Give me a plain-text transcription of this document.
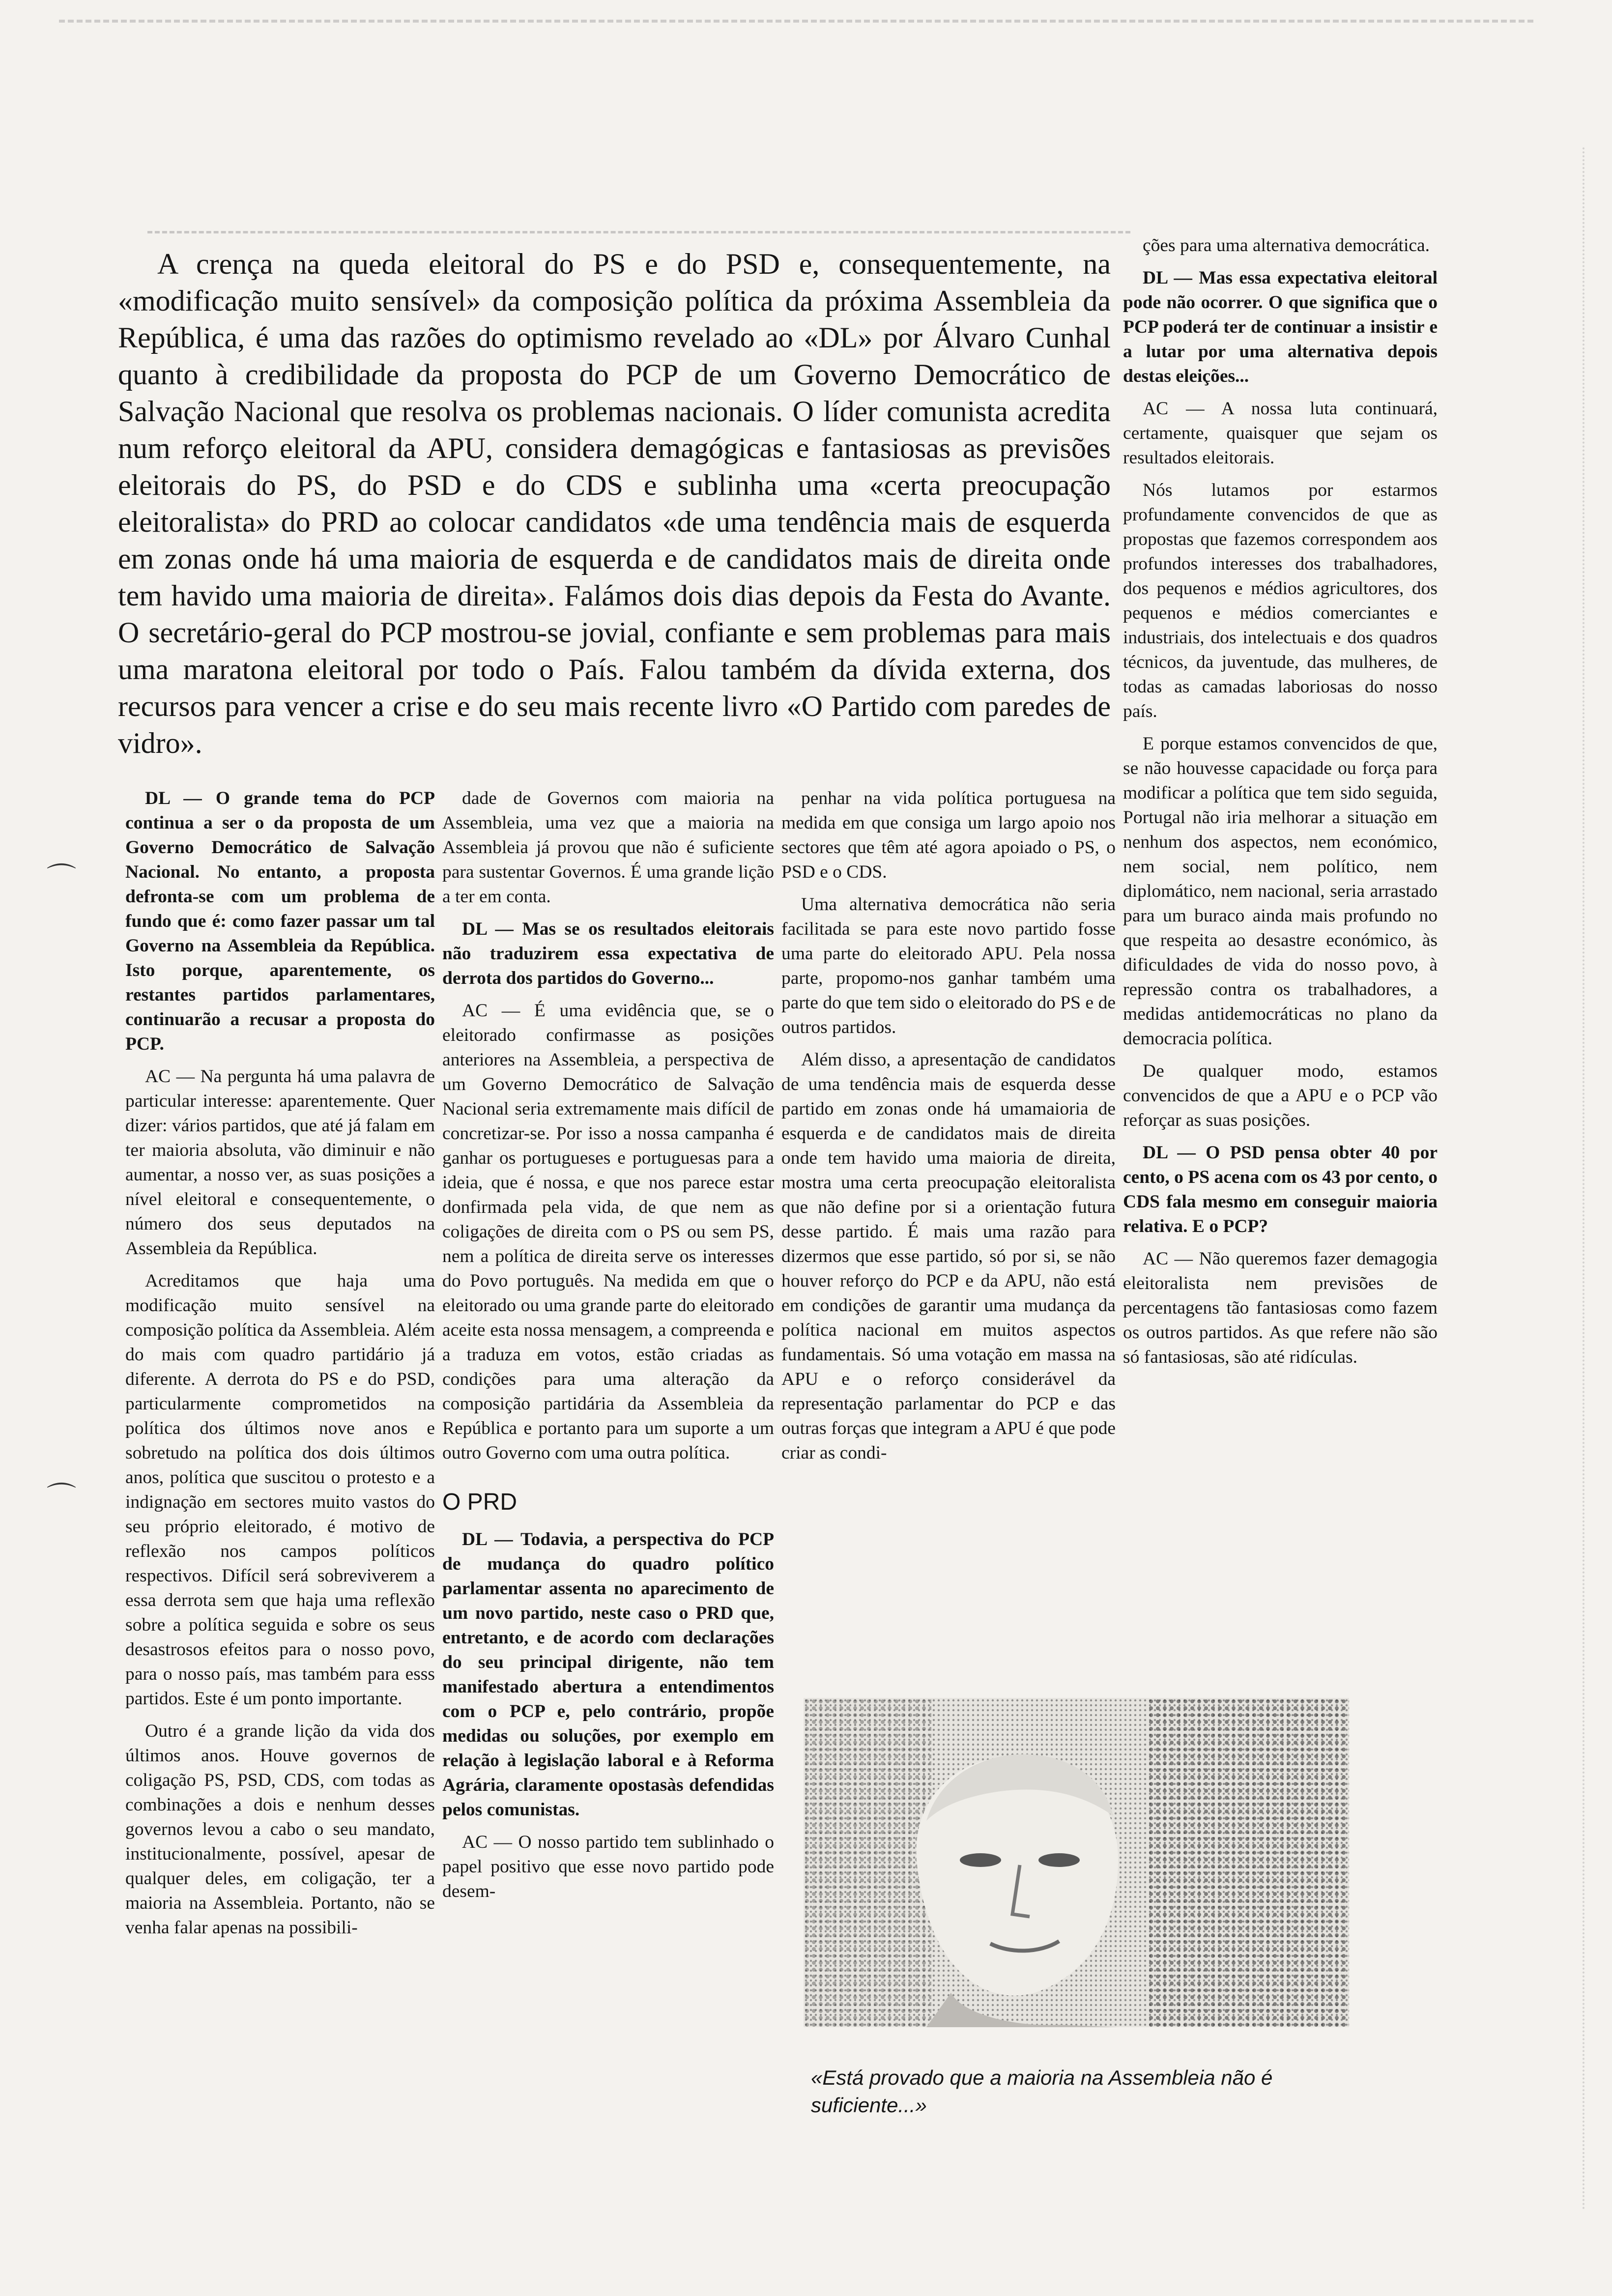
⌒
⌒

A crença na queda eleitoral do PS e do PSD e, consequentemente, na «modificação muito sensível» da composição política da próxima Assembleia da República, é uma das razões do optimismo revelado ao «DL» por Álvaro Cunhal quanto à credibilidade da proposta do PCP de um Governo Democrático de Salvação Nacional que resolva os problemas nacionais. O líder comunista acredita num reforço eleitoral da APU, considera demagógicas e fantasiosas as previsões eleitorais do PS, do PSD e do CDS e sublinha uma «certa preocupação eleitoralista» do PRD ao colocar candidatos «de uma tendência mais de esquerda em zonas onde há uma maioria de esquerda e de candidatos mais de direita onde tem havido uma maioria de direita». Falámos dois dias depois da Festa do Avante. O secretário-geral do PCP mostrou-se jovial, confiante e sem problemas para mais uma maratona eleitoral por todo o País. Falou também da dívida externa, dos recursos para vencer a crise e do seu mais recente livro «O Partido com paredes de vidro».

DL — O grande tema do PCP continua a ser o da proposta de um Governo Democrático de Salvação Nacional. No entanto, a proposta defronta-se com um problema de fundo que é: como fazer passar um tal Governo na Assembleia da República. Isto porque, aparentemente, os restantes partidos parlamentares, continuarão a recusar a proposta do PCP.

AC — Na pergunta há uma palavra de particular interesse: aparentemente. Quer dizer: vários partidos, que até já falam em ter maioria absoluta, vão diminuir e não aumentar, a nosso ver, as suas posições a nível eleitoral e consequentemente, o número dos seus deputados na Assembleia da República.

Acreditamos que haja uma modificação muito sensível na composição política da Assembleia. Além do mais com quadro partidário já diferente. A derrota do PS e do PSD, particularmente comprometidos na política dos últimos nove anos e sobretudo na política dos dois últimos anos, política que suscitou o protesto e a indignação em sectores muito vastos do seu próprio eleitorado, é motivo de reflexão nos campos políticos respectivos. Difícil será sobreviverem a essa derrota sem que haja uma reflexão sobre a política seguida e sobre os seus desastrosos efeitos para o nosso povo, para o nosso país, mas também para esss partidos. Este é um ponto importante.

Outro é a grande lição da vida dos últimos anos. Houve governos de coligação PS, PSD, CDS, com todas as combinações a dois e nenhum desses governos levou a cabo o seu mandato, institucionalmente, possível, apesar de qualquer deles, em coligação, ter a maioria na Assembleia. Portanto, não se venha falar apenas na possibili-

dade de Governos com maioria na Assembleia, uma vez que a maioria na Assembleia já provou que não é suficiente para sustentar Governos. É uma grande lição a ter em conta.

DL — Mas se os resultados eleitorais não traduzirem essa expectativa de derrota dos partidos do Governo...

AC — É uma evidência que, se o eleitorado confirmasse as posições anteriores na Assembleia, a perspectiva de um Governo Democrático de Salvação Nacional seria extremamente mais difícil de concretizar-se. Por isso a nossa campanha é ganhar os portugueses e portuguesas para a ideia, que é nossa, e que nos parece estar donfirmada pela vida, de que nem as coligações de direita com o PS ou sem PS, nem a política de direita serve os interesses do Povo português. Na medida em que o eleitorado ou uma grande parte do eleitorado aceite esta nossa mensagem, a compreenda e a traduza em votos, estão criadas as condições para uma alteração da composição partidária da Assembleia da República e portanto para um suporte a um outro Governo com uma outra política.

O PRD

DL — Todavia, a perspectiva do PCP de mudança do quadro político parlamentar assenta no aparecimento de um novo partido, neste caso o PRD que, entretanto, e de acordo com declarações do seu principal dirigente, não tem manifestado abertura a entendimentos com o PCP e, pelo contrário, propõe medidas ou soluções, por exemplo em relação à legislação laboral e à Reforma Agrária, claramente opostasàs defendidas pelos comunistas.

AC — O nosso partido tem sublinhado o papel positivo que esse novo partido pode desem-

penhar na vida política portuguesa na medida em que consiga um largo apoio nos sectores que têm até agora apoiado o PS, o PSD e o CDS.

Uma alternativa democrática não seria facilitada se para este novo partido fosse uma parte do eleitorado APU. Pela nossa parte, propomo-nos ganhar também uma parte do que tem sido o eleitorado do PS e de outros partidos.

Além disso, a apresentação de candidatos de uma tendência mais de esquerda desse partido em zonas onde há umamaioria de esquerda e de candidatos mais de direita onde tem havido uma maioria de direita, mostra uma certa preocupação eleitoralista que não define por si a orientação futura desse partido. É mais uma razão para dizermos que esse partido, só por si, se não houver reforço do PCP e da APU, não está em condições de garantir uma mudança da política nacional em muitos aspectos fundamentais. Só uma votação em massa na APU e o reforço considerável da representação parlamentar do PCP e das outras forças que integram a APU é que pode criar as condi-

ções para uma alternativa democrática.

DL — Mas essa expectativa eleitoral pode não ocorrer. O que significa que o PCP poderá ter de continuar a insistir e a lutar por uma alternativa depois destas eleições...

AC — A nossa luta continuará, certamente, quaisquer que sejam os resultados eleitorais.

Nós lutamos por estarmos profundamente convencidos de que as propostas que fazemos correspondem aos profundos interesses dos trabalhadores, dos pequenos e médios agricultores, dos pequenos e médios comerciantes e industriais, dos intelectuais e dos quadros técnicos, da juventude, das mulheres, de todas as camadas laboriosas do nosso país.

E porque estamos convencidos de que, se não houvesse capacidade ou força para modificar a política que tem sido seguida, Portugal não iria melhorar a situação em nenhum dos aspectos, nem económico, nem social, nem político, nem diplomático, nem nacional, seria arrastado para um buraco ainda mais profundo no que respeita ao desastre económico, às dificuldades de vida do nosso povo, à repressão contra os trabalhadores, a medidas antidemocráticas no plano da democracia política.

De qualquer modo, estamos convencidos de que a APU e o PCP vão reforçar as suas posições.

DL — O PSD pensa obter 40 por cento, o PS acena com os 43 por cento, o CDS fala mesmo em conseguir maioria relativa. E o PCP?

AC — Não queremos fazer demagogia eleitoralista nem previsões de percentagens tão fantasiosas como fazem os outros partidos. As que refere não são só fantasiosas, são até ridículas.

«Está provado que a maioria na Assembleia não é suficiente...»
